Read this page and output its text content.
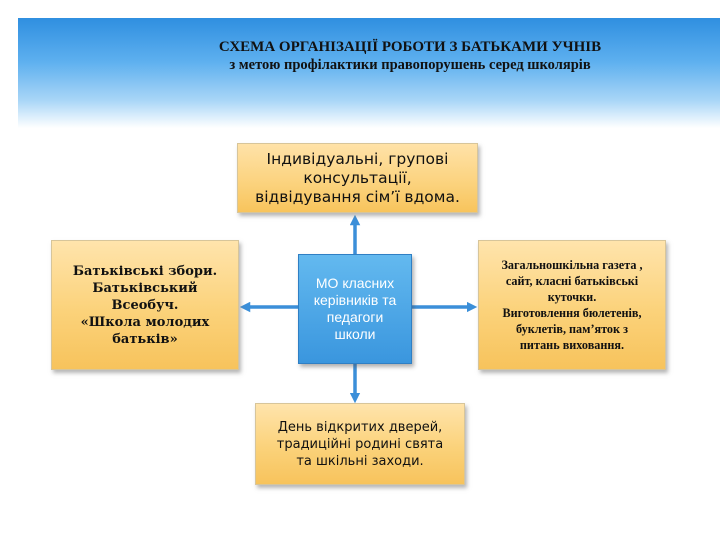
СХЕМА ОРГАНІЗАЦІЇ РОБОТИ З БАТЬКАМИ УЧНІВ
з метою профілактики правопорушень серед школярів
Індивідуальні, групові
консультації,
відвідування сім’ї вдома.
Батьківські збори.
Батьківський
Всеобуч.
«Школа молодих
батьків»
МО класних
керівників та
педагоги
школи
Загальношкільна газета ,
сайт, класні батьківські
куточки.
Виготовлення бюлетенів,
буклетів, пам’яток з
питань виховання.
День відкритих дверей,
традиційні родині свята
та шкільні заходи.
